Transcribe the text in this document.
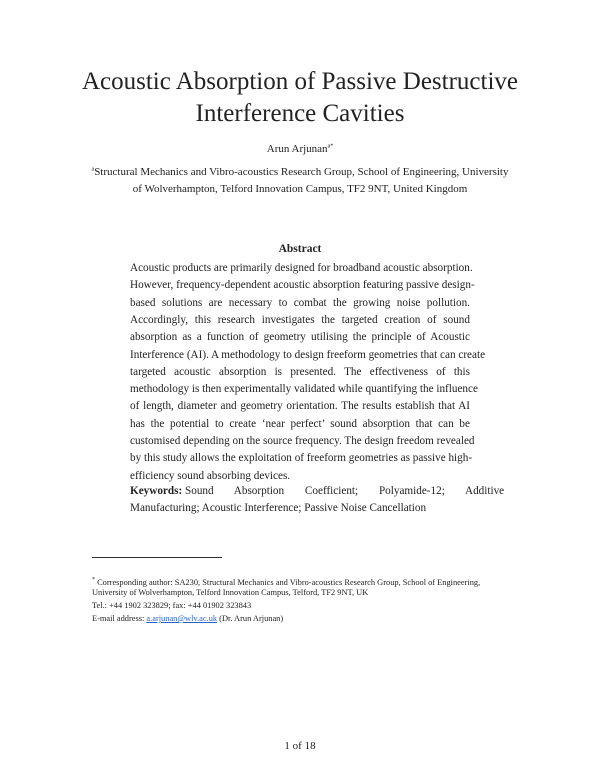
Acoustic Absorption of Passive Destructive
Interference Cavities
Arun Arjunan$^{a*}$
$^a$Structural Mechanics and Vibro-acoustics Research Group, School of Engineering, University
of Wolverhampton, Telford Innovation Campus, TF2 9NT, United Kingdom
Abstract
Acoustic products are primarily designed for broadband acoustic absorption.
However, frequency-dependent acoustic absorption featuring passive design-
based solutions are necessary to combat the growing noise pollution.
Accordingly, this research investigates the targeted creation of sound
absorption as a function of geometry utilising the principle of Acoustic
Interference (AI). A methodology to design freeform geometries that can create
targeted acoustic absorption is presented. The effectiveness of this
methodology is then experimentally validated while quantifying the influence
of length, diameter and geometry orientation. The results establish that AI
has the potential to create ‘near perfect’ sound absorption that can be
customised depending on the source frequency. The design freedom revealed
by this study allows the exploitation of freeform geometries as passive high-
efficiency sound absorbing devices.
Keywords: Sound Absorption Coefficient; Polyamide-12; Additive
Manufacturing; Acoustic Interference; Passive Noise Cancellation
* Corresponding author: SA230, Structural Mechanics and Vibro-acoustics Research Group, School of Engineering,
University of Wolverhampton, Telford Innovation Campus, Telford, TF2 9NT, UK
Tel.: +44 1902 323829; fax: +44 01902 323843
E-mail address: a.arjunan@wlv.ac.uk (Dr. Arun Arjunan)
1 of 18
